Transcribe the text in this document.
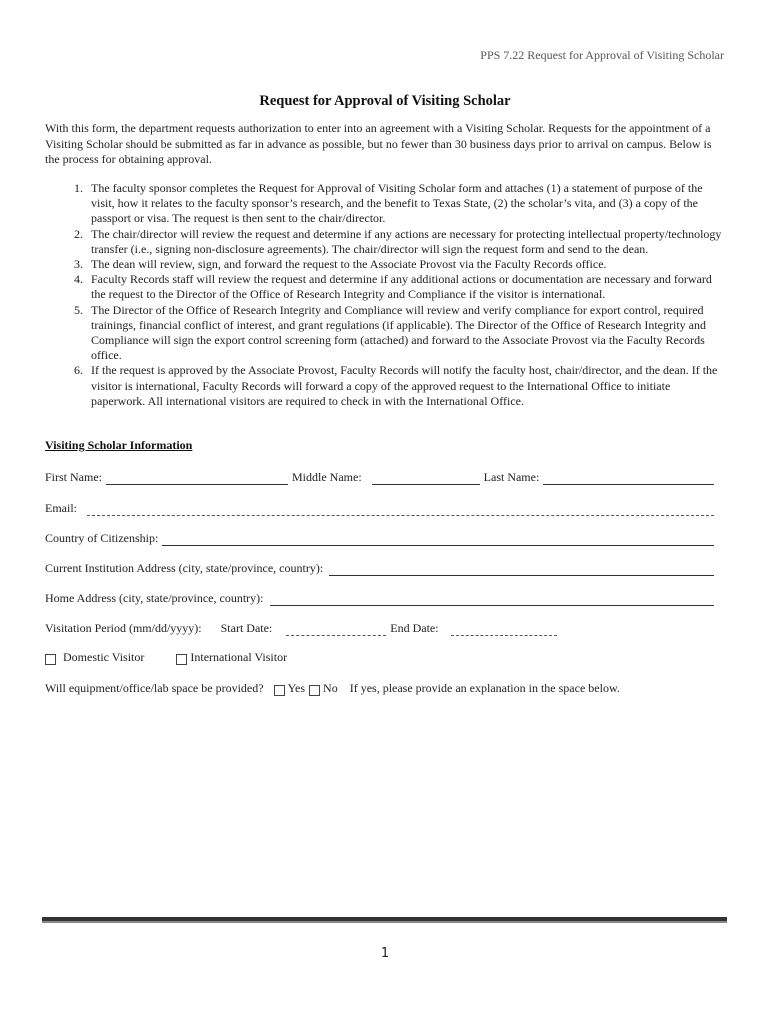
PPS 7.22 Request for Approval of Visiting Scholar
Request for Approval of Visiting Scholar

With this form, the department requests authorization to enter into an agreement with a Visiting Scholar. Requests for the appointment of a Visiting Scholar should be submitted as far in advance as possible, but no fewer than 30 business days prior to arrival on campus. Below is the process for obtaining approval.

1. The faculty sponsor completes the Request for Approval of Visiting Scholar form and attaches (1) a statement of purpose of the visit, how it relates to the faculty sponsor’s research, and the benefit to Texas State, (2) the scholar’s vita, and (3) a copy of the passport or visa. The request is then sent to the chair/director.
2. The chair/director will review the request and determine if any actions are necessary for protecting intellectual property/technology transfer (i.e., signing non-disclosure agreements). The chair/director will sign the request form and send to the dean.
3. The dean will review, sign, and forward the request to the Associate Provost via the Faculty Records office.
4. Faculty Records staff will review the request and determine if any additional actions or documentation are necessary and forward the request to the Director of the Office of Research Integrity and Compliance if the visitor is international.
5. The Director of the Office of Research Integrity and Compliance will review and verify compliance for export control, required trainings, financial conflict of interest, and grant regulations (if applicable). The Director of the Office of Research Integrity and Compliance will sign the export control screening form (attached) and forward to the Associate Provost via the Faculty Records office.
6. If the request is approved by the Associate Provost, Faculty Records will notify the faculty host, chair/director, and the dean. If the visitor is international, Faculty Records will forward a copy of the approved request to the International Office to initiate paperwork. All international visitors are required to check in with the International Office.
Visiting Scholar Information
First Name:	Middle Name:	Last Name:
Email:
Country of Citizenship:
Current Institution Address (city, state/province, country):
Home Address (city, state/province, country):
Visitation Period (mm/dd/yyyy): Start Date:	End Date:
Domestic Visitor	International Visitor
Will equipment/office/lab space be provided? Yes No If yes, please provide an explanation in the space below.
1
